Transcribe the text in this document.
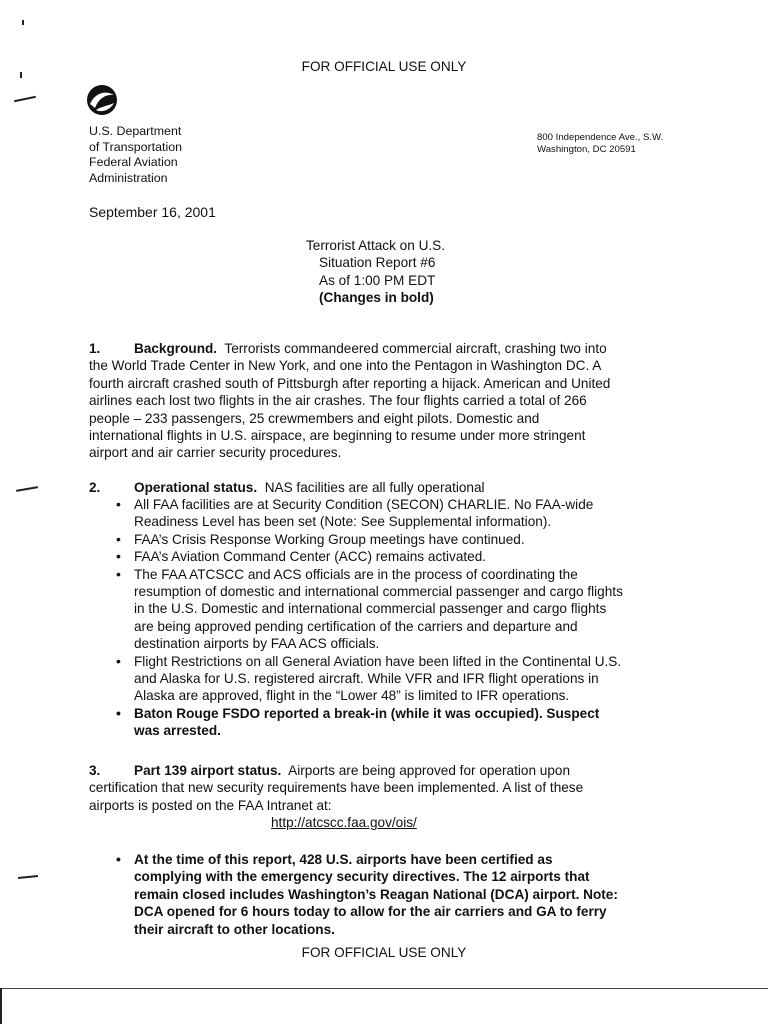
FOR OFFICIAL USE ONLY
U.S. Department
of Transportation
Federal Aviation
Administration
800 Independence Ave., S.W.
Washington, DC 20591
September 16, 2001
Terrorist Attack on U.S.
Situation Report #6
As of 1:00 PM EDT
(Changes in bold)
1. Background. Terrorists commandeered commercial aircraft, crashing two into
the World Trade Center in New York, and one into the Pentagon in Washington DC. A
fourth aircraft crashed south of Pittsburgh after reporting a hijack. American and United
airlines each lost two flights in the air crashes. The four flights carried a total of 266
people – 233 passengers, 25 crewmembers and eight pilots. Domestic and
international flights in U.S. airspace, are beginning to resume under more stringent
airport and air carrier security procedures.
2. Operational status. NAS facilities are all fully operational
• All FAA facilities are at Security Condition (SECON) CHARLIE. No FAA-wide
Readiness Level has been set (Note: See Supplemental information).
• FAA’s Crisis Response Working Group meetings have continued.
• FAA’s Aviation Command Center (ACC) remains activated.
• The FAA ATCSCC and ACS officials are in the process of coordinating the
resumption of domestic and international commercial passenger and cargo flights
in the U.S. Domestic and international commercial passenger and cargo flights
are being approved pending certification of the carriers and departure and
destination airports by FAA ACS officials.
• Flight Restrictions on all General Aviation have been lifted in the Continental U.S.
and Alaska for U.S. registered aircraft. While VFR and IFR flight operations in
Alaska are approved, flight in the “Lower 48” is limited to IFR operations.
• Baton Rouge FSDO reported a break-in (while it was occupied). Suspect
was arrested.
3. Part 139 airport status. Airports are being approved for operation upon
certification that new security requirements have been implemented. A list of these
airports is posted on the FAA Intranet at:
http://atcscc.faa.gov/ois/
• At the time of this report, 428 U.S. airports have been certified as
complying with the emergency security directives. The 12 airports that
remain closed includes Washington’s Reagan National (DCA) airport. Note:
DCA opened for 6 hours today to allow for the air carriers and GA to ferry
their aircraft to other locations.
FOR OFFICIAL USE ONLY
